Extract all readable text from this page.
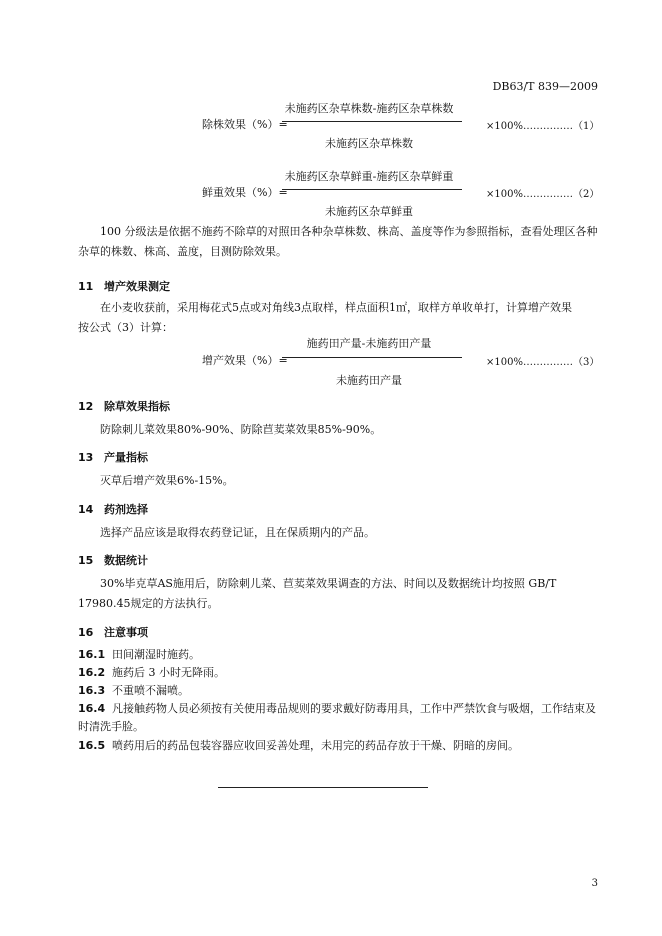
DB63/T 839—2009
未施药区杂草株数-施药区杂草株数
除株效果（%）=
未施药区杂草株数
×100%……………（1）
未施药区杂草鲜重-施药区杂草鲜重
鲜重效果（%）=
未施药区杂草鲜重
×100%……………（2）
100 分级法是依据不施药不除草的对照田各种杂草株数、株高、盖度等作为参照指标，查看处理区各种杂草的株数、株高、盖度，目测防除效果。
11 增产效果测定
在小麦收获前，采用梅花式5点或对角线3点取样，样点面积1㎡，取样方单收单打，计算增产效果
按公式（3）计算：
施药田产量-未施药田产量
增产效果（%）=
未施药田产量
×100%……………（3）
12 除草效果指标
防除刺儿菜效果80%-90%、防除苣荬菜效果85%-90%。
13 产量指标
灭草后增产效果6%-15%。
14 药剂选择
选择产品应该是取得农药登记证，且在保质期内的产品。
15 数据统计
30%毕克草AS施用后，防除刺儿菜、苣荬菜效果调查的方法、时间以及数据统计均按照 GB/T 17980.45规定的方法执行。
16 注意事项
16.1 田间潮湿时施药。
16.2 施药后 3 小时无降雨。
16.3 不重喷不漏喷。
16.4 凡接触药物人员必须按有关使用毒品规则的要求戴好防毒用具，工作中严禁饮食与吸烟，工作结束及时清洗手脸。
16.5 喷药用后的药品包装容器应收回妥善处理，未用完的药品存放于干燥、阴暗的房间。
3
